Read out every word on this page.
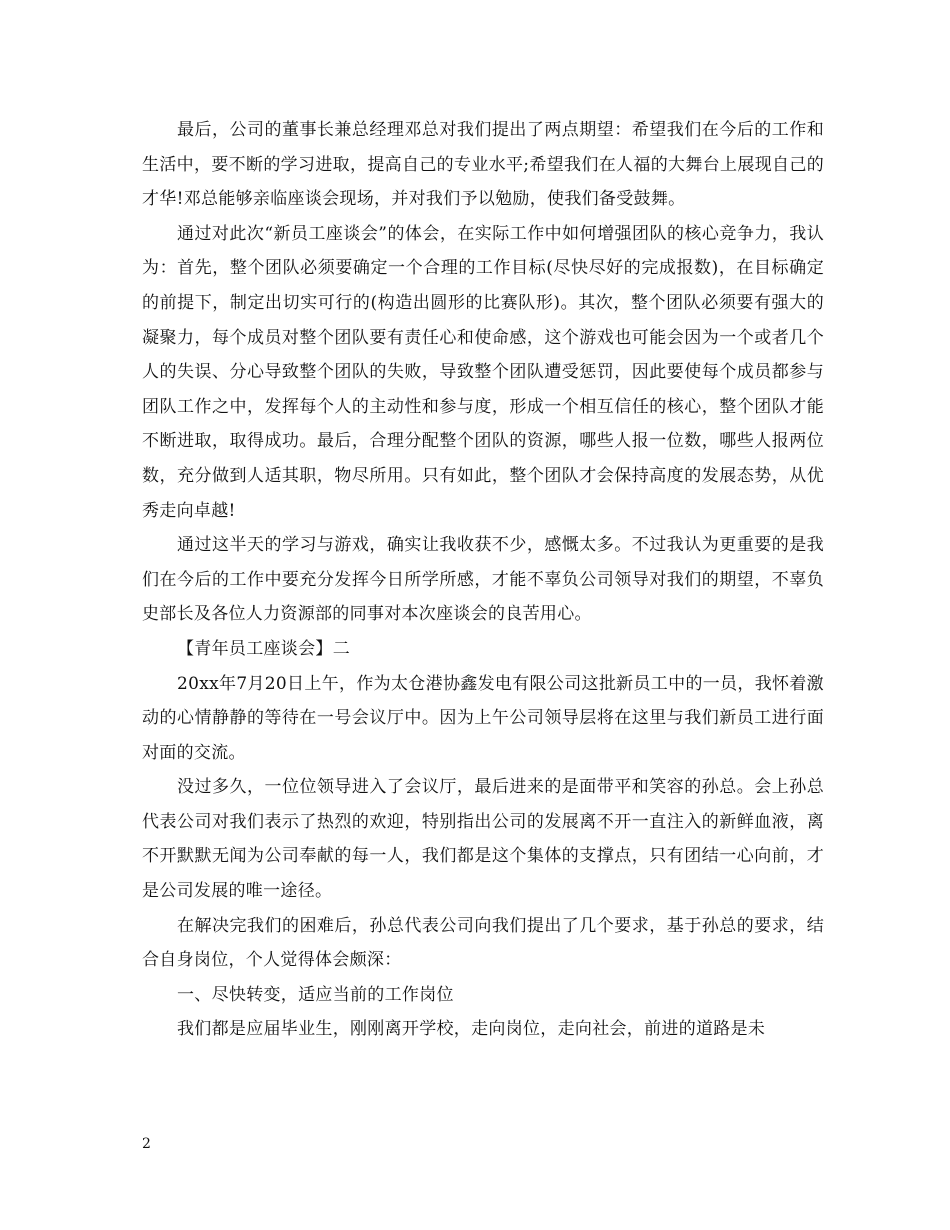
最后，公司的董事长兼总经理邓总对我们提出了两点期望：希望我们在今后的工作和生活中，要不断的学习进取，提高自己的专业水平;希望我们在人福的大舞台上展现自己的才华!邓总能够亲临座谈会现场，并对我们予以勉励，使我们备受鼓舞。

通过对此次“新员工座谈会”的体会，在实际工作中如何增强团队的核心竞争力，我认为：首先，整个团队必须要确定一个合理的工作目标(尽快尽好的完成报数)，在目标确定的前提下，制定出切实可行的(构造出圆形的比赛队形)。其次，整个团队必须要有强大的凝聚力，每个成员对整个团队要有责任心和使命感，这个游戏也可能会因为一个或者几个人的失误、分心导致整个团队的失败，导致整个团队遭受惩罚，因此要使每个成员都参与团队工作之中，发挥每个人的主动性和参与度，形成一个相互信任的核心，整个团队才能不断进取，取得成功。最后，合理分配整个团队的资源，哪些人报一位数，哪些人报两位数，充分做到人适其职，物尽所用。只有如此，整个团队才会保持高度的发展态势，从优秀走向卓越!

通过这半天的学习与游戏，确实让我收获不少，感慨太多。不过我认为更重要的是我们在今后的工作中要充分发挥今日所学所感，才能不辜负公司领导对我们的期望，不辜负史部长及各位人力资源部的同事对本次座谈会的良苦用心。

【青年员工座谈会】二

20xx年7月20日上午，作为太仓港协鑫发电有限公司这批新员工中的一员，我怀着激动的心情静静的等待在一号会议厅中。因为上午公司领导层将在这里与我们新员工进行面对面的交流。

没过多久，一位位领导进入了会议厅，最后进来的是面带平和笑容的孙总。会上孙总代表公司对我们表示了热烈的欢迎，特别指出公司的发展离不开一直注入的新鲜血液，离不开默默无闻为公司奉献的每一人，我们都是这个集体的支撑点，只有团结一心向前，才是公司发展的唯一途径。

在解决完我们的困难后，孙总代表公司向我们提出了几个要求，基于孙总的要求，结合自身岗位，个人觉得体会颇深：

一、尽快转变，适应当前的工作岗位

我们都是应届毕业生，刚刚离开学校，走向岗位，走向社会，前进的道路是未

2
